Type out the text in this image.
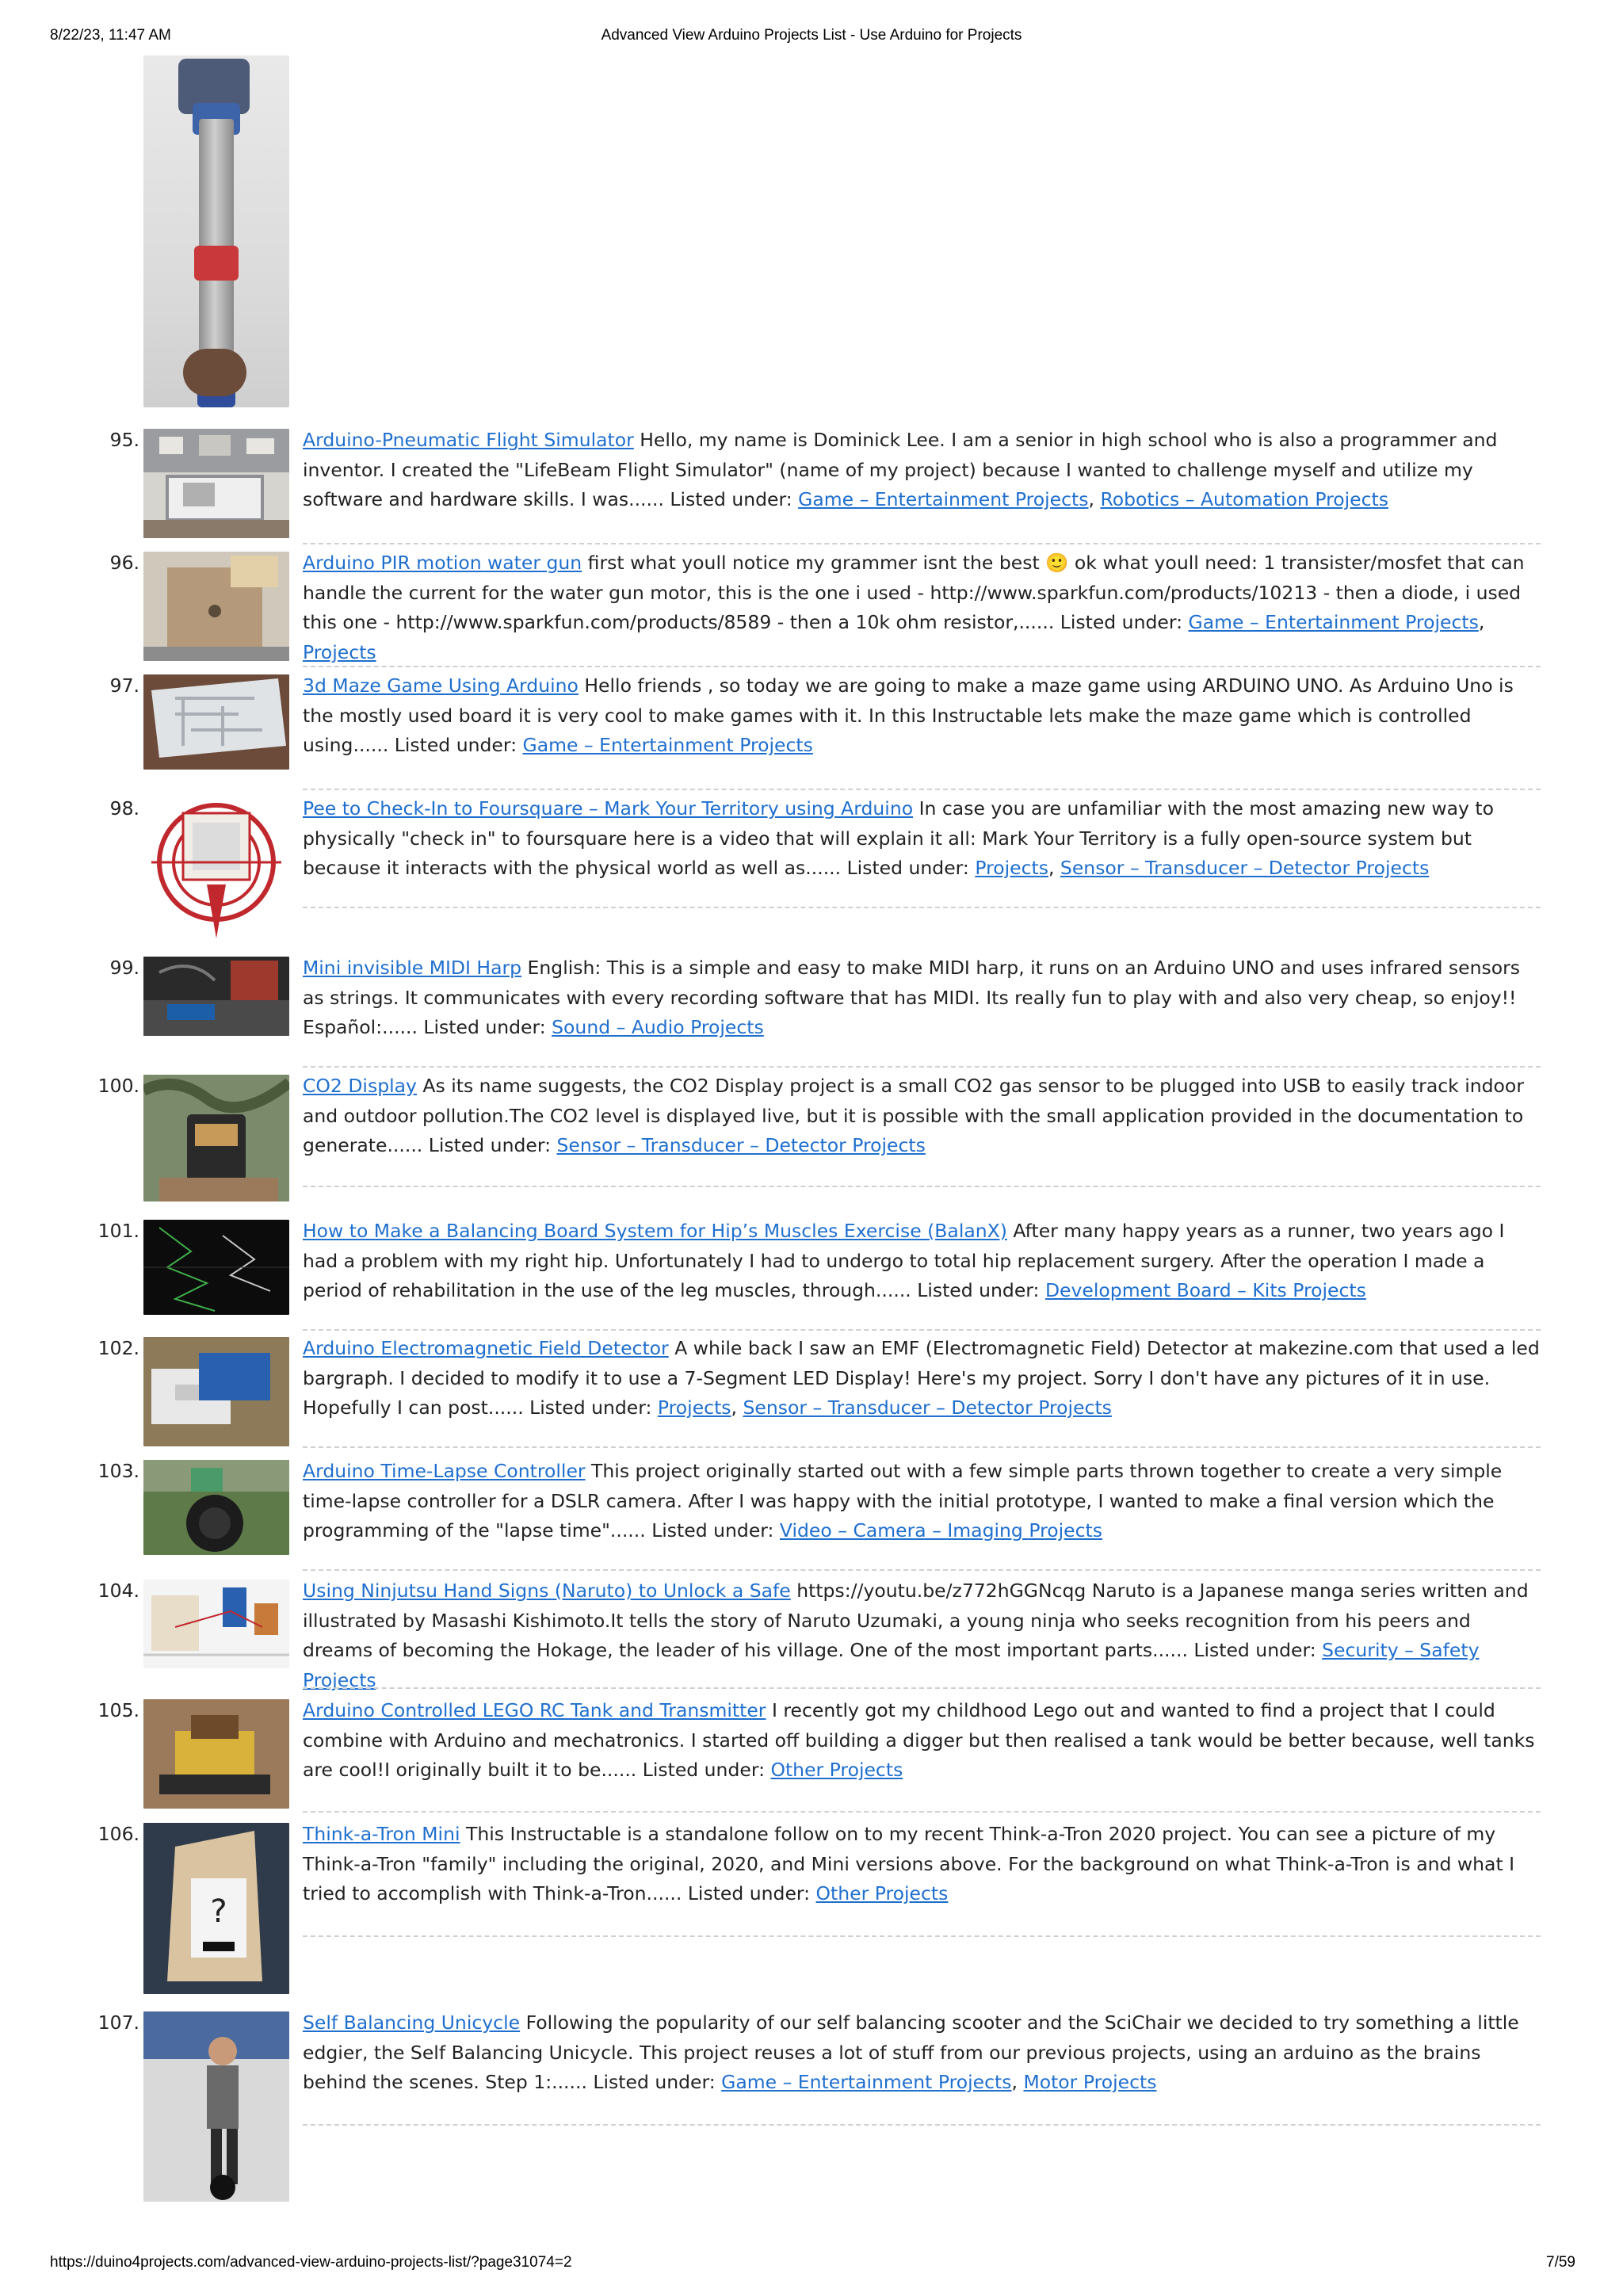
8/22/23, 11:47 AM	Advanced View Arduino Projects List - Use Arduino for Projects
95.	Arduino-Pneumatic Flight Simulator Hello, my name is Dominick Lee. I am a senior in high school who is also a programmer and inventor. I created the "LifeBeam Flight Simulator" (name of my project) because I wanted to challenge myself and utilize my software and hardware skills. I was...... Listed under: Game – Entertainment Projects, Robotics – Automation Projects
96.	Arduino PIR motion water gun first what youll notice my grammer isnt the best 🙂 ok what youll need: 1 transister/mosfet that can handle the current for the water gun motor, this is the one i used - http://www.sparkfun.com/products/10213 - then a diode, i used this one - http://www.sparkfun.com/products/8589 - then a 10k ohm resistor,...... Listed under: Game – Entertainment Projects, Projects
97.	3d Maze Game Using Arduino Hello friends , so today we are going to make a maze game using ARDUINO UNO. As Arduino Uno is the mostly used board it is very cool to make games with it. In this Instructable lets make the maze game which is controlled using...... Listed under: Game – Entertainment Projects
98.	Pee to Check-In to Foursquare – Mark Your Territory using Arduino In case you are unfamiliar with the most amazing new way to physically "check in" to foursquare here is a video that will explain it all: Mark Your Territory is a fully open-source system but because it interacts with the physical world as well as...... Listed under: Projects, Sensor – Transducer – Detector Projects
99.	Mini invisible MIDI Harp English: This is a simple and easy to make MIDI harp, it runs on an Arduino UNO and uses infrared sensors as strings. It communicates with every recording software that has MIDI. Its really fun to play with and also very cheap, so enjoy!! Español:...... Listed under: Sound – Audio Projects
100.	CO2 Display As its name suggests, the CO2 Display project is a small CO2 gas sensor to be plugged into USB to easily track indoor and outdoor pollution.The CO2 level is displayed live, but it is possible with the small application provided in the documentation to generate...... Listed under: Sensor – Transducer – Detector Projects
101.	How to Make a Balancing Board System for Hip’s Muscles Exercise (BalanX) After many happy years as a runner, two years ago I had a problem with my right hip. Unfortunately I had to undergo to total hip replacement surgery. After the operation I made a period of rehabilitation in the use of the leg muscles, through...... Listed under: Development Board – Kits Projects
102.	Arduino Electromagnetic Field Detector A while back I saw an EMF (Electromagnetic Field) Detector at makezine.com that used a led bargraph. I decided to modify it to use a 7-Segment LED Display! Here's my project. Sorry I don't have any pictures of it in use. Hopefully I can post...... Listed under: Projects, Sensor – Transducer – Detector Projects
103.	Arduino Time-Lapse Controller This project originally started out with a few simple parts thrown together to create a very simple time-lapse controller for a DSLR camera. After I was happy with the initial prototype, I wanted to make a final version which the programming of the "lapse time"...... Listed under: Video – Camera – Imaging Projects
104.	Using Ninjutsu Hand Signs (Naruto) to Unlock a Safe https://youtu.be/z772hGGNcqg Naruto is a Japanese manga series written and illustrated by Masashi Kishimoto.It tells the story of Naruto Uzumaki, a young ninja who seeks recognition from his peers and dreams of becoming the Hokage, the leader of his village. One of the most important parts...... Listed under: Security – Safety Projects
105.	Arduino Controlled LEGO RC Tank and Transmitter I recently got my childhood Lego out and wanted to find a project that I could combine with Arduino and mechatronics. I started off building a digger but then realised a tank would be better because, well tanks are cool!I originally built it to be...... Listed under: Other Projects
106.
?
Think-a-Tron Mini This Instructable is a standalone follow on to my recent Think-a-Tron 2020 project. You can see a picture of my Think-a-Tron "family" including the original, 2020, and Mini versions above. For the background on what Think-a-Tron is and what I tried to accomplish with Think-a-Tron...... Listed under: Other Projects
107.	Self Balancing Unicycle Following the popularity of our self balancing scooter and the SciChair we decided to try something a little edgier, the Self Balancing Unicycle. This project reuses a lot of stuff from our previous projects, using an arduino as the brains behind the scenes. Step 1:...... Listed under: Game – Entertainment Projects, Motor Projects
https://duino4projects.com/advanced-view-arduino-projects-list/?page31074=2	7/59
